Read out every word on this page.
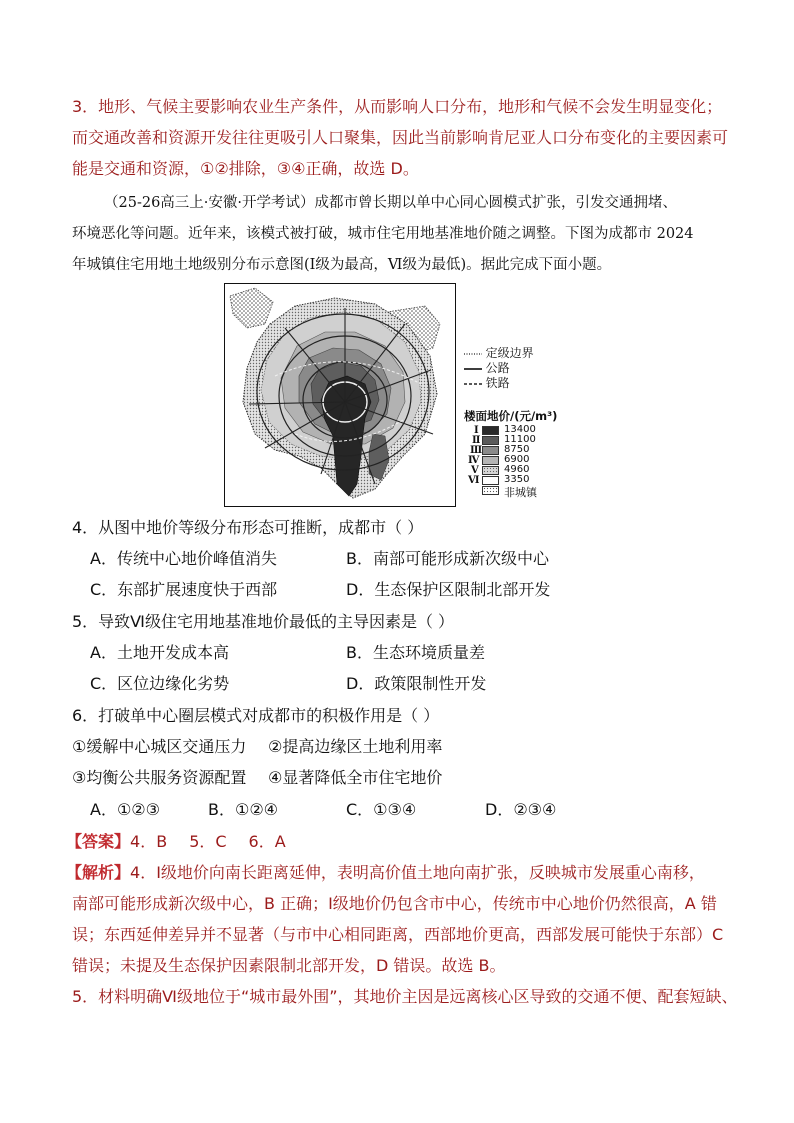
3．地形、气候主要影响农业生产条件，从而影响人口分布，地形和气候不会发生明显变化；
而交通改善和资源开发往往更吸引人口聚集，因此当前影响肯尼亚人口分布变化的主要因素可
能是交通和资源，①②排除，③④正确，故选 D。
（25-26高三上·安徽·开学考试）成都市曾长期以单中心同心圆模式扩张，引发交通拥堵、
环境恶化等问题。近年来，该模式被打破，城市住宅用地基准地价随之调整。下图为成都市 2024
年城镇住宅用地土地级别分布示意图(Ⅰ级为最高，Ⅵ级为最低)。据此完成下面小题。
定级边界
公路
铁路
楼面地价/(元/m³)
Ⅰ	13400
Ⅱ 11100
Ⅲ 8750
Ⅳ 6900
Ⅴ	4960
Ⅵ 3350
非城镇
4．从图中地价等级分布形态可推断，成都市（ ）
A．传统中心地价峰值消失	B．南部可能形成新次级中心
C．东部扩展速度快于西部	D．生态保护区限制北部开发
5．导致Ⅵ级住宅用地基准地价最低的主导因素是（ ）
A．土地开发成本高	B．生态环境质量差
C．区位边缘化劣势	D．政策限制性开发
6．打破单中心圈层模式对成都市的积极作用是（ ）
①缓解中心城区交通压力 ②提高边缘区土地利用率
③均衡公共服务资源配置 ④显著降低全市住宅地价
A．①②③	B．①②④	C．①③④	D．②③④
【答案】4．B 5．C 6．A
【解析】4．Ⅰ级地价向南长距离延伸，表明高价值土地向南扩张，反映城市发展重心南移，
南部可能形成新次级中心，B 正确；Ⅰ级地价仍包含市中心，传统市中心地价仍然很高，A 错
误；东西延伸差异并不显著（与市中心相同距离，西部地价更高，西部发展可能快于东部）C
错误；未提及生态保护因素限制北部开发，D 错误。故选 B。
5．材料明确Ⅵ级地位于“城市最外围”，其地价主因是远离核心区导致的交通不便、配套短缺、
